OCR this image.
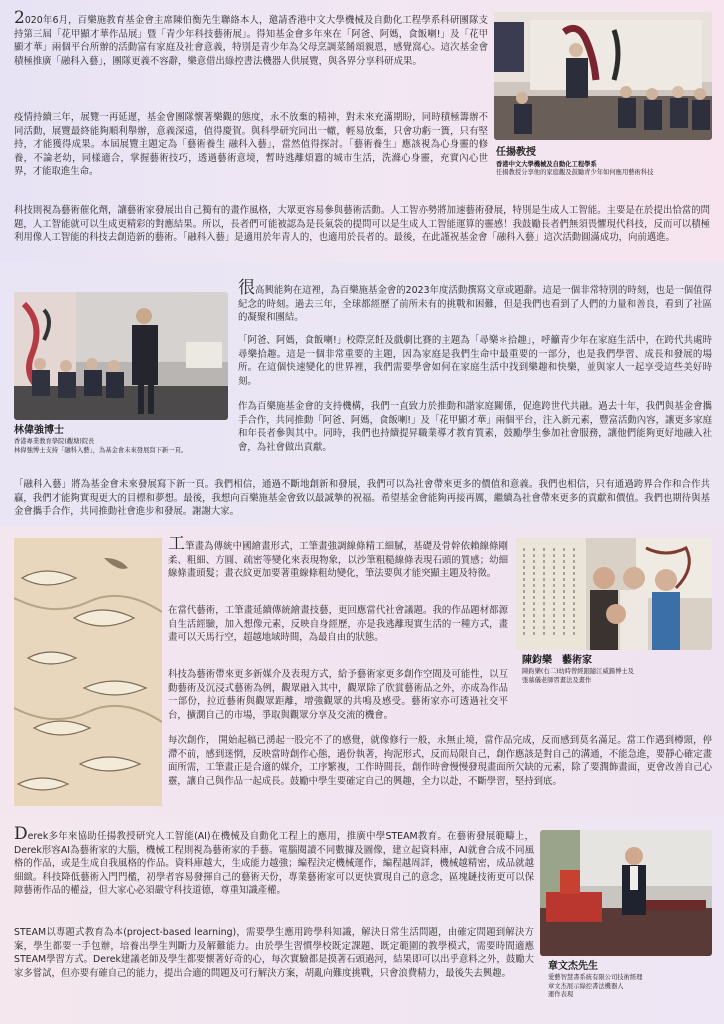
2020年6月，百樂施教育基金會主席陳伯衡先生聯絡本人，邀請香港中文大學機械及自動化工程學系科研團隊支持第三屆「花甲顯才華作品展」暨「青少年科技藝術展」。得知基金會多年來在「阿爸、阿媽，食飯喇!」及「花甲顯才華」兩個平台所辦的活動富有家庭及社會意義，特別是青少年為父母烹調菜餚頌親恩，感覺窩心。這次基金會積極推廣「融科入藝」，團隊更義不容辭，樂意借出綠控書法機器人供展覽，與各界分享科研成果。

疫情持續三年，展覽一再延遲，基金會團隊懷著樂觀的態度，永不放棄的精神，對未來充滿期盼，同時積極籌辦不同活動，展覽最終能夠順利舉辦，意義深遠，值得慶賀。與科學研究同出一轍，輕易放棄，只會功虧一簣，只有堅持，才能獲得成果。本屆展覽主題定為「藝術養生 融科入藝」，當然值得探討。「藝術養生」應該視為心身靈的修養，不論老幼，同樣適合，掌握藝術技巧，透過藝術意境，暫時逃離煩囂的城市生活，洗滌心身靈，充實內心世界，才能取進生命。

任揚教授
香港中文大學機械及自動化工程學系
任揚教授分享他的家庭觀及鼓勵青少年如何應用藝術科技

科技則視為藝術催化劑，讓藝術家發展出自己獨有的畫作風格，大眾更容易參與藝術活動。人工智亦勢將加速藝術發展，特別是生成人工智能。主要是在於提出恰當的問題，人工智能就可以生成更精彩的對應結果。所以，長者們可能被認為是長氣袋的提問可以是生成人工智能運算的靈感！我鼓勵長者們無須畏懼現代科技，反而可以積極利用像人工智能的科技去創造新的藝術。「融科入藝」是適用於年青人的，也適用於長者的。最後，在此謹祝基金會「融科入藝」這次活動圓滿成功，向前邁進。

林偉強博士
香港專業教育學院(觀塘)院長
林偉強博士支持「融科入藝」，為基金會未來發展寫下新一頁。

很高興能夠在這裡，為百樂施基金會的2023年度活動撰寫文章或題辭。這是一個非常特別的時刻，也是一個值得紀念的時刻。過去三年，全球都經歷了前所未有的挑戰和困難，但是我們也看到了人們的力量和善良，看到了社區的凝聚和團結。

「阿爸、阿媽，食飯喇!」校際烹飪及戲劇比賽的主題為「尋樂＊拾趣」，呼籲青少年在家庭生活中，在跨代共處時尋樂拾趣。這是一個非常重要的主題，因為家庭是我們生命中最重要的一部分，也是我們學習、成長和發展的場所。在這個快速變化的世界裡，我們需要學會如何在家庭生活中找到樂趣和快樂，並與家人一起享受這些美好時刻。

作為百樂施基金會的支持機構，我們一直致力於推動和諧家庭關係，促進跨世代共融。過去十年，我們與基金會攜手合作，共同推動「阿爸、阿媽，食飯喇!」及「花甲顯才華」兩個平台，注入新元素，豐富活動內容，讓更多家庭和年長者參與其中。同時，我們也持續提昇職業導才教育質素，鼓勵學生參加社會服務，讓他們能夠更好地融入社會，為社會做出貢獻。

「融科入藝」將為基金會未來發展寫下新一頁。我們相信，通過不斷地創新和發展，我們可以為社會帶來更多的價值和意義。我們也相信，只有通過跨界合作和合作共贏，我們才能夠實現更大的目標和夢想。最後，我想向百樂施基金會致以最誠摯的祝福。希望基金會能夠再接再厲，繼續為社會帶來更多的貢獻和價值。我們也期待與基金會攜手合作，共同推動社會進步和發展。謝謝大家。

工筆畫為傳統中國繪畫形式，工筆畫強調線條精工細膩，基礎及骨幹依賴線條剛柔、粗細、方圓、疏密等變化來表現物象，以沙筆粗糙線條表現石頭的質感；幼細線條畫頭髮；畫衣紋更加要著重線條粗幼變化，筆法要與才能突顯主題及特徵。

在當代藝術，工筆畫延續傳統繪畫技藝，更回應當代社會議題。我的作品題材都源自生活經驗，加入想像元素，反映自身經歷，亦是我逃離現實生活的一種方式，畫畫可以天馬行空，超越地域時間，為最自由的狀態。

科技為藝術帶來更多新媒介及表現方式，給予藝術家更多創作空間及可能性，以互動藝術及沉浸式藝術為例，觀眾融入其中，觀眾除了欣賞藝術品之外，亦成為作品一部份，拉近藝術與觀眾距離，增強觀眾的共鳴及感受。藝術家亦可透過社交平台，擴濶自己的市場，爭取與觀眾分享及交流的機會。

陳鈞樂　藝術家
陳鈞樂(右二)幼時曾經跟隨江威鍚博士及
張慕儀老師習畫法及畫作

每次創作， 開始起稿已湧起一股完不了的感覺，就像修行一般，永無止境，當作品完成，反而感到莫名滿足。當工作遇到樽頸，停滯不前，感到迷惘，反映當時創作心態，過份執著，拘泥形式，反而局限自己，創作應該是對自己的溝通，不能急進，要靜心確定畫面所需，工筆畫正是合適的媒介，工序繁複，工作時間長，創作時會慢慢發現畫面所欠缺的元素，除了要潤飾畫面，更會改善自己心靈，讓自己與作品一起成長。鼓勵中學生要確定自己的興趣，全力以赴，不斷學習，堅持到底。

Derek多年來協助任揚教授研究人工智能(AI)在機械及自動化工程上的應用，推廣中學STEAM教育。在藝術發展範疇上，Derek形容AI為藝術家的大腦，機械工程則視為藝術家的手藝。電腦閱讀不同數據及圖像，建立起資料庫，AI就會合成不同風格的作品，或是生成自我風格的作品。資料庫越大，生成能力越強；編程決定機械運作，編程越周詳，機械越精密，成品就越細緻。科技降低藝術入門門檻，初學者容易發揮自己的藝術天份，專業藝術家可以更快實現自己的意念，區塊鏈技術更可以保障藝術作品的權益，但大家心必須嚴守科技道德，尊重知識產權。

STEAM以專題式教育為本(project-based learning)，需要學生應用跨學科知識，解決日常生活問題，由確定問題到解決方案，學生都要一手包辦，培養出學生判斷力及解難能力。由於學生習慣學校既定課題、既定範圍的教學模式，需要時間適應STEAM學習方式。Derek建議老師及學生都要懷著好奇的心，每次實驗都是摸著石頭過河，結果即可以出乎意料之外，鼓勵大家多嘗試，但亦要有確自己的能力，提出合適的問題及可行解決方案，胡亂向難度挑戰，只會浪費精力，最後失去興趣。

章文杰先生
愛藝智慧書系統有限公司技術經理
章文杰展示綠控書法機器人
運作表現
